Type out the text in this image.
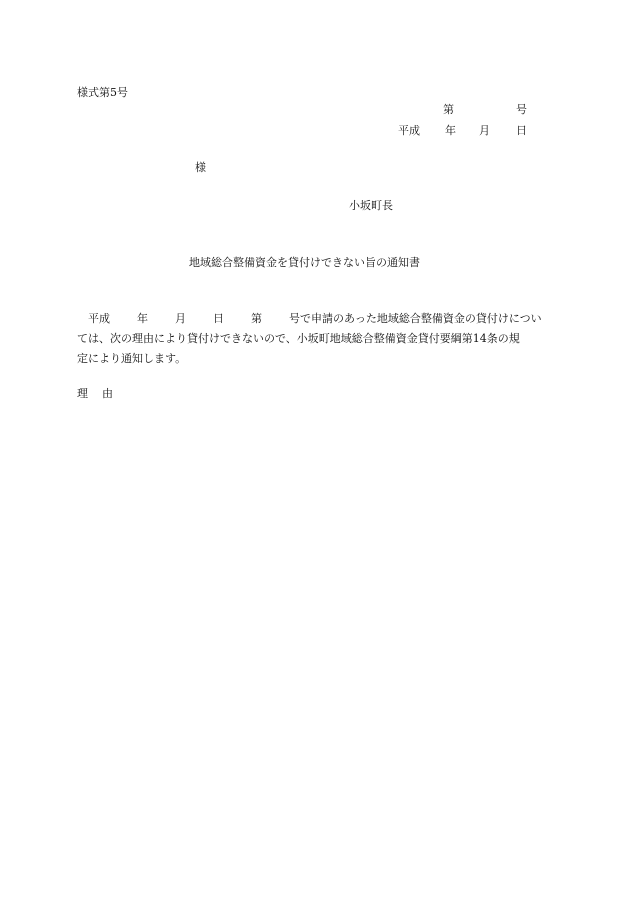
様式第5号
第	号
平成 年 月 日
様
小坂町長
地域総合整備資金を貸付けできない旨の通知書
平成 年 月 日 第 号で申請のあった地域総合整備資金の貸付けについ
ては、次の理由により貸付けできないので、小坂町地域総合整備資金貸付要綱第14条の規
定により通知します。
理 由
